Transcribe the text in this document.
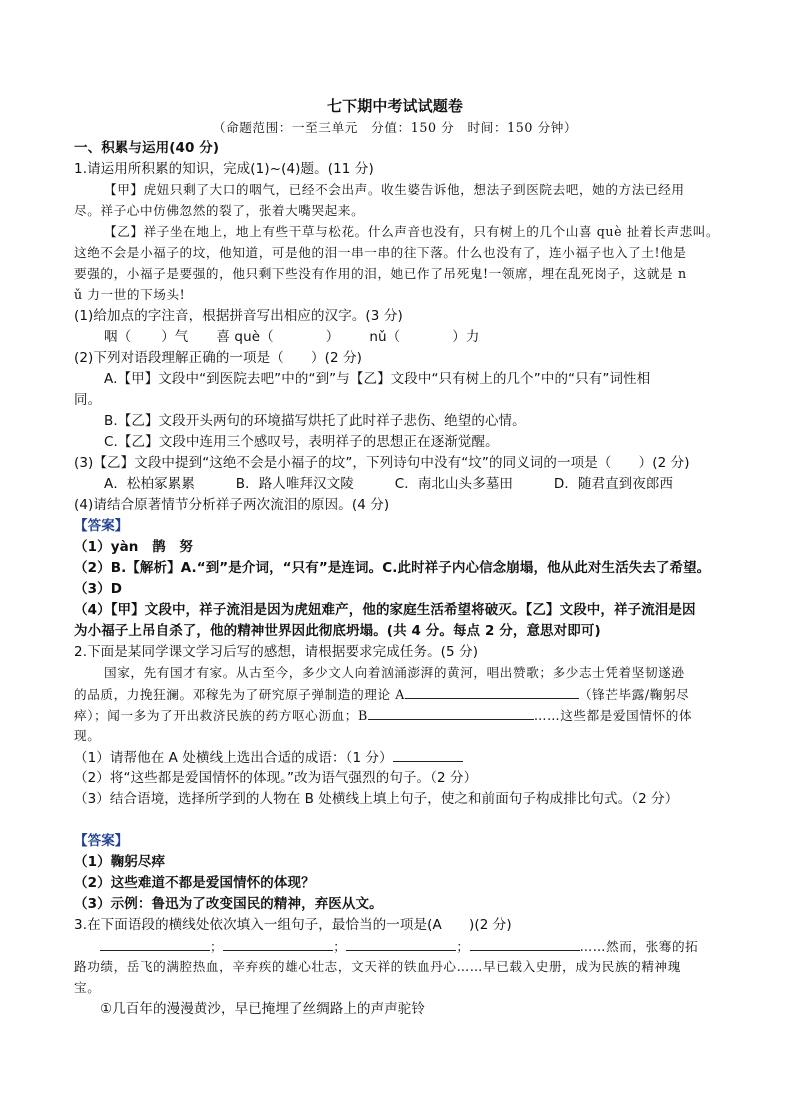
七下期中考试试题卷
（命题范围：一至三单元　分值：150 分　时间：150 分钟）
一、积累与运用(40 分)
1.请运用所积累的知识，完成(1)~(4)题。(11 分)
【甲】虎妞只剩了大口的咽气，已经不会出声。收生婆告诉他，想法子到医院去吧，她的方法已经用
尽。祥子心中仿佛忽然的裂了，张着大嘴哭起来。
【乙】祥子坐在地上，地上有些干草与松花。什么声音也没有，只有树上的几个山喜 què 扯着长声悲叫。
这绝不会是小福子的坟，他知道，可是他的泪一串一串的往下落。什么也没有了，连小福子也入了土!他是
要强的，小福子是要强的，他只剩下些没有作用的泪，她已作了吊死鬼!一领席，埋在乱死岗子，这就是 n
ǔ 力一世的下场头!
(1)给加点的字注音，根据拼音写出相应的汉字。(3 分)
咽（ ）气 喜 què（	） nǔ（	）力
(2)下列对语段理解正确的一项是（　　）(2 分)
A.【甲】文段中“到医院去吧”中的“到”与【乙】文段中“只有树上的几个”中的“只有”词性相
同。
B.【乙】文段开头两句的环境描写烘托了此时祥子悲伤、绝望的心情。
C.【乙】文段中连用三个感叹号，表明祥子的思想正在逐渐觉醒。
(3)【乙】文段中提到“这绝不会是小福子的坟”，下列诗句中没有“坟”的同义词的一项是（　　）(2 分)
A．松柏冢累累　　　B．路人唯拜汉文陵　　　C．南北山头多墓田　　　D．随君直到夜郎西
(4)请结合原著情节分析祥子两次流泪的原因。(4 分)
【答案】
（1）yàn　鹊　努
（2）B.【解析】A.“到”是介词，“只有”是连词。C.此时祥子内心信念崩塌，他从此对生活失去了希望。
（3）D
（4）【甲】文段中，祥子流泪是因为虎妞难产，他的家庭生活希望将破灭。【乙】文段中，祥子流泪是因
为小福子上吊自杀了，他的精神世界因此彻底坍塌。(共 4 分。每点 2 分，意思对即可)
2.下面是某同学课文学习后写的感想，请根据要求完成任务。(5 分)
国家，先有国才有家。从古至今，多少文人向着汹涌澎湃的黄河，唱出赞歌；多少志士凭着坚韧遂逊
的品质，力挽狂澜。邓稼先为了研究原子弹制造的理论 A	（锋芒毕露/鞠躬尽
瘁）；闻一多为了开出救济民族的药方呕心沥血；B	……这些都是爱国情怀的体
现。
（1）请帮他在 A 处横线上选出合适的成语：（1 分）
（2）将“这些都是爱国情怀的体现。”改为语气强烈的句子。（2 分）
（3）结合语境，选择所学到的人物在 B 处横线上填上句子，使之和前面句子构成排比句式。（2 分）
【答案】
（1）鞠躬尽瘁
（2）这些难道不都是爱国情怀的体现？
（3）示例：鲁迅为了改变国民的精神，弃医从文。
3.在下面语段的横线处依次填入一组句子，最恰当的一项是(A　　)(2 分)
；	；	；	……然而，张骞的拓
路功绩，岳飞的满腔热血，辛弃疾的雄心壮志，文天祥的铁血丹心……早已载入史册，成为民族的精神瑰
宝。
①几百年的漫漫黄沙，早已掩埋了丝绸路上的声声驼铃
